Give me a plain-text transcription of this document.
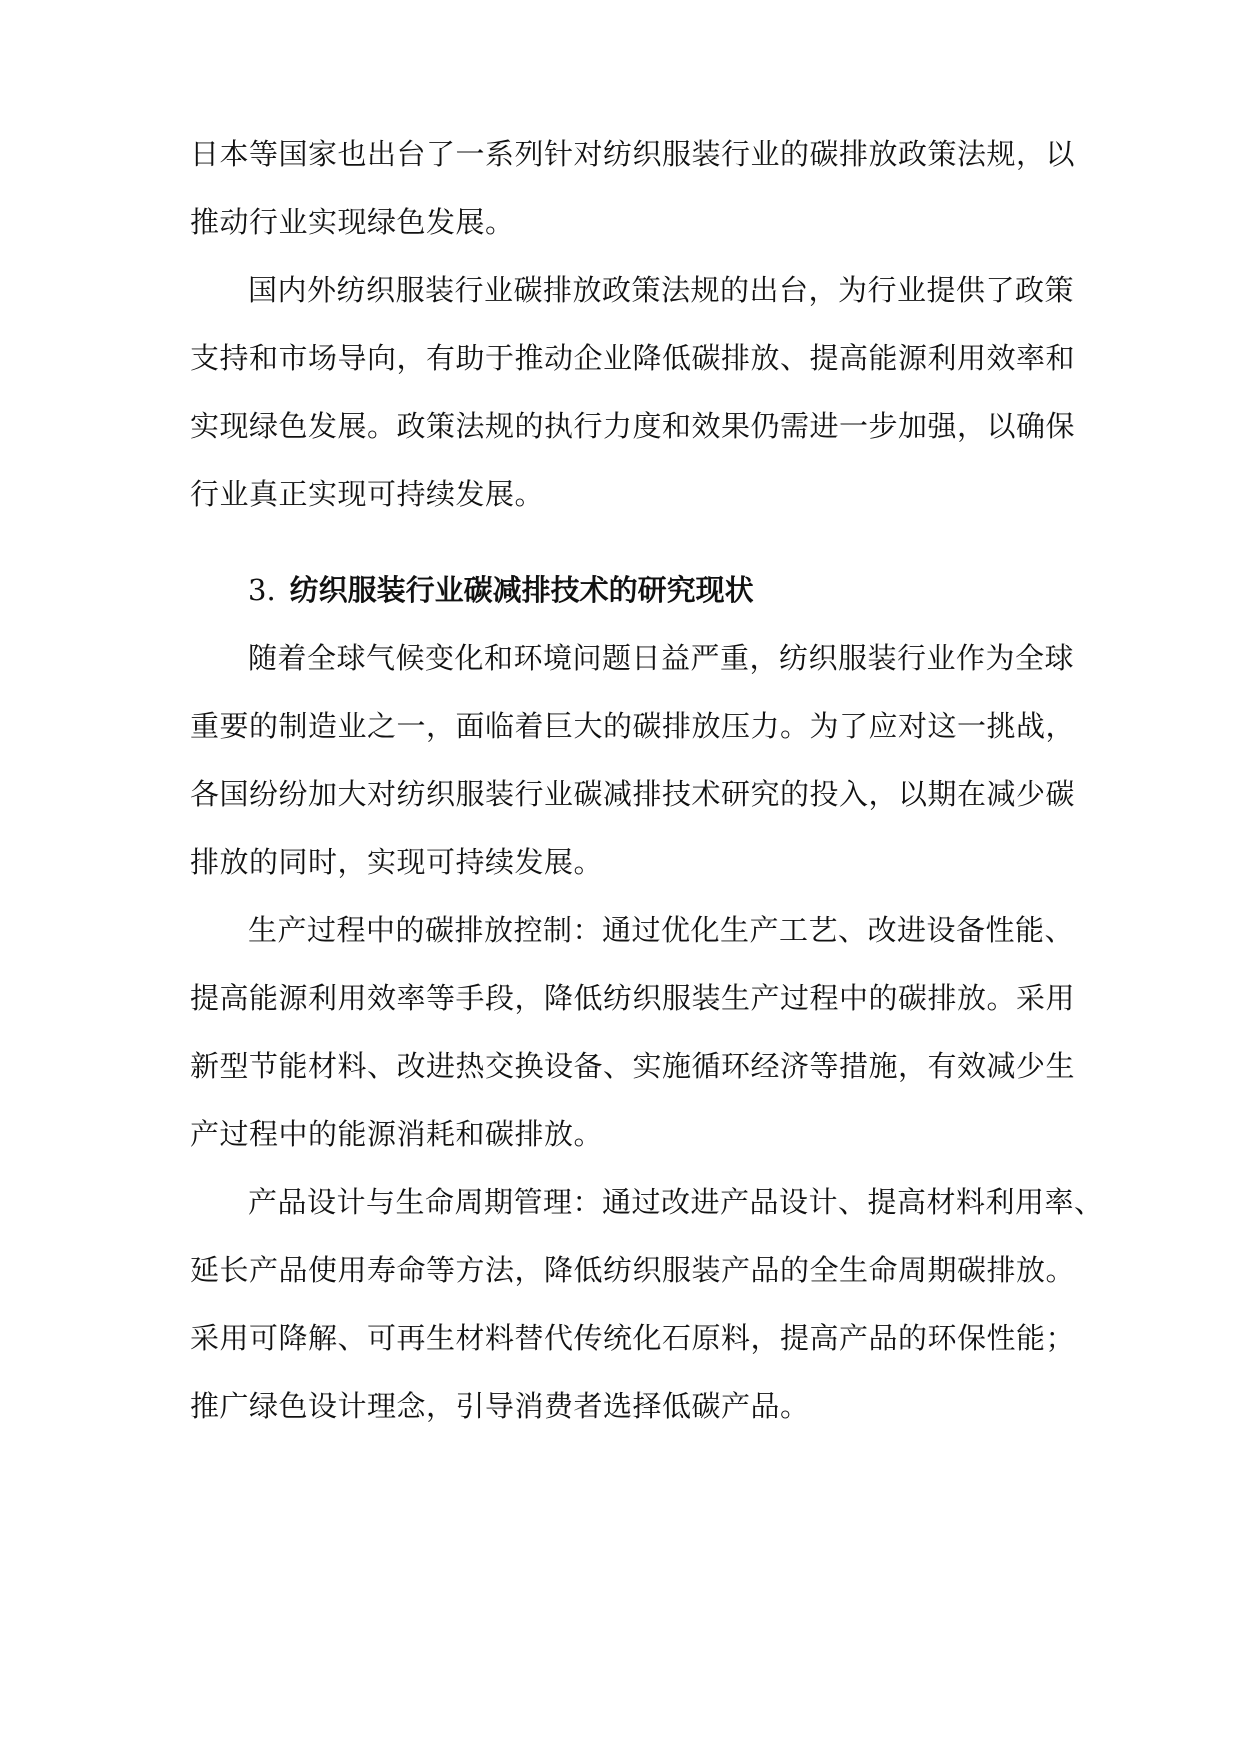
日本等国家也出台了一系列针对纺织服装行业的碳排放政策法规，以
推动行业实现绿色发展。
国内外纺织服装行业碳排放政策法规的出台，为行业提供了政策
支持和市场导向，有助于推动企业降低碳排放、提高能源利用效率和
实现绿色发展。政策法规的执行力度和效果仍需进一步加强，以确保
行业真正实现可持续发展。
3. 纺织服装行业碳减排技术的研究现状
随着全球气候变化和环境问题日益严重，纺织服装行业作为全球
重要的制造业之一，面临着巨大的碳排放压力。为了应对这一挑战，
各国纷纷加大对纺织服装行业碳减排技术研究的投入，以期在减少碳
排放的同时，实现可持续发展。
生产过程中的碳排放控制：通过优化生产工艺、改进设备性能、
提高能源利用效率等手段，降低纺织服装生产过程中的碳排放。采用
新型节能材料、改进热交换设备、实施循环经济等措施，有效减少生
产过程中的能源消耗和碳排放。
产品设计与生命周期管理：通过改进产品设计、提高材料利用率、
延长产品使用寿命等方法，降低纺织服装产品的全生命周期碳排放。
采用可降解、可再生材料替代传统化石原料，提高产品的环保性能；
推广绿色设计理念，引导消费者选择低碳产品。
